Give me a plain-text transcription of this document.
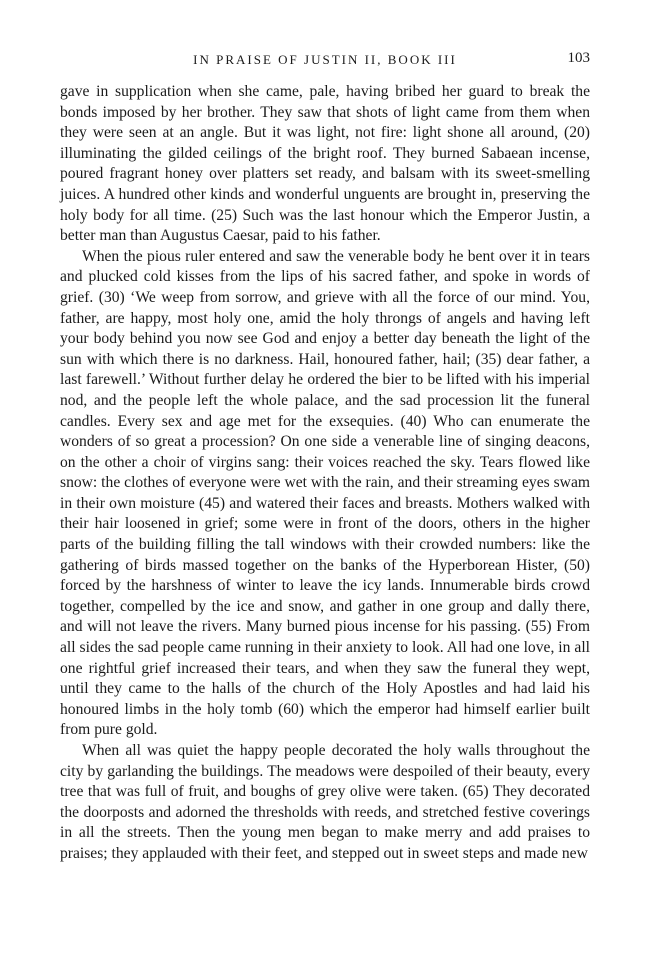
IN PRAISE OF JUSTIN II, BOOK III	103

gave in supplication when she came, pale, having bribed her guard to break the bonds imposed by her brother. They saw that shots of light came from them when they were seen at an angle. But it was light, not fire: light shone all around, (20) illuminating the gilded ceilings of the bright roof. They burned Sabaean incense, poured fragrant honey over platters set ready, and balsam with its sweet-smelling juices. A hundred other kinds and wonderful unguents are brought in, preserving the holy body for all time. (25) Such was the last honour which the Emperor Justin, a better man than Augustus Caesar, paid to his father.

When the pious ruler entered and saw the venerable body he bent over it in tears and plucked cold kisses from the lips of his sacred father, and spoke in words of grief. (30) ‘We weep from sorrow, and grieve with all the force of our mind. You, father, are happy, most holy one, amid the holy throngs of angels and having left your body behind you now see God and enjoy a better day beneath the light of the sun with which there is no darkness. Hail, honoured father, hail; (35) dear father, a last farewell.’ Without further delay he ordered the bier to be lifted with his imperial nod, and the people left the whole palace, and the sad procession lit the funeral candles. Every sex and age met for the exsequies. (40) Who can enumerate the wonders of so great a procession? On one side a venerable line of singing deacons, on the other a choir of virgins sang: their voices reached the sky. Tears flowed like snow: the clothes of everyone were wet with the rain, and their streaming eyes swam in their own moisture (45) and watered their faces and breasts. Mothers walked with their hair loosened in grief; some were in front of the doors, others in the higher parts of the building filling the tall windows with their crowded numbers: like the gathering of birds massed together on the banks of the Hyperborean Hister, (50) forced by the harshness of winter to leave the icy lands. Innumerable birds crowd together, compelled by the ice and snow, and gather in one group and dally there, and will not leave the rivers. Many burned pious incense for his passing. (55) From all sides the sad people came running in their anxiety to look. All had one love, in all one rightful grief increased their tears, and when they saw the funeral they wept, until they came to the halls of the church of the Holy Apostles and had laid his honoured limbs in the holy tomb (60) which the emperor had himself earlier built from pure gold.

When all was quiet the happy people decorated the holy walls throughout the city by garlanding the buildings. The meadows were despoiled of their beauty, every tree that was full of fruit, and boughs of grey olive were taken. (65) They decorated the doorposts and adorned the thresholds with reeds, and stretched festive coverings in all the streets. Then the young men began to make merry and add praises to praises; they applauded with their feet, and stepped out in sweet steps and made new
